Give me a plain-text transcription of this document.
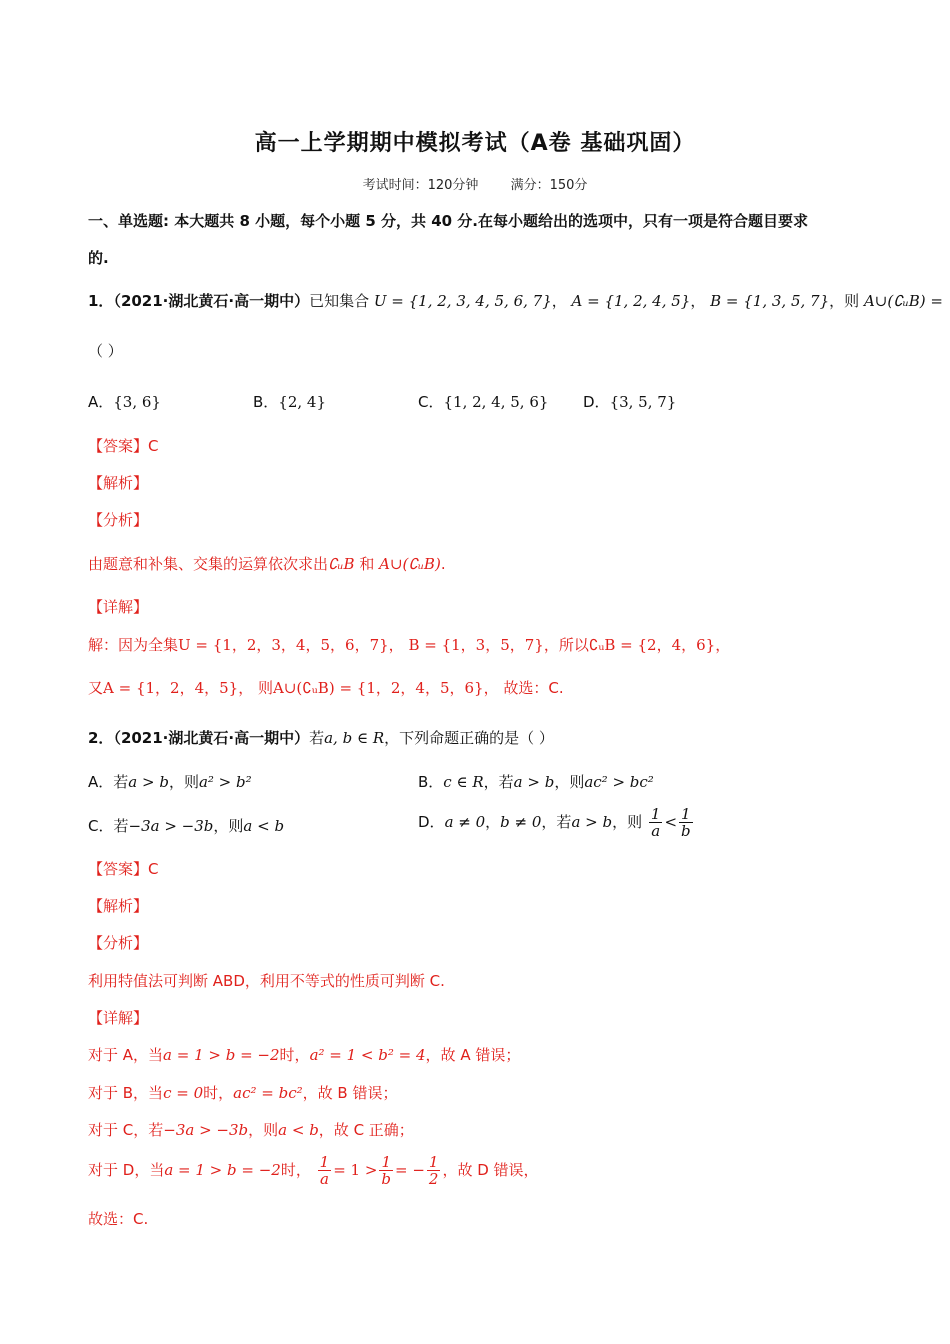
高一上学期期中模拟考试（A卷 基础巩固）
考试时间：120分钟 满分：150分
一、单选题: 本大题共 8 小题，每个小题 5 分，共 40 分.在每小题给出的选项中，只有一项是符合题目要求
的.
1．（2021·湖北黄石·高一期中）已知集合 U = {1, 2, 3, 4, 5, 6, 7}， A = {1, 2, 4, 5}， B = {1, 3, 5, 7}，则 A∪(∁ᵤB) =
（ ）
A．{3, 6}	B．{2, 4}	C．{1, 2, 4, 5, 6} D．{3, 5, 7}
【答案】C
【解析】
【分析】
由题意和补集、交集的运算依次求出∁ᵤB 和 A∪(∁ᵤB).
【详解】
解：因为全集U = {1，2，3，4，5，6，7}， B = {1，3，5，7}，所以∁ᵤB = {2，4，6}，
又A = {1，2，4，5}， 则A∪(∁ᵤB) = {1，2，4，5，6}， 故选：C.
2．（2021·湖北黄石·高一期中）若a, b ∈ R，下列命题正确的是（ ）
A．若a > b，则a² > b²	B．c ∈ R，若a > b，则ac² > bc²
C．若−3a > −3b，则a < b	D．a ≠ 0，b ≠ 0，若a > b，则 $\frac{1}{a} < \frac{1}{b}$
【答案】C
【解析】
【分析】
利用特值法可判断 ABD，利用不等式的性质可判断 C.
【详解】
对于 A，当a = 1 > b = −2时，a² = 1 < b² = 4，故 A 错误；
对于 B，当c = 0时，ac² = bc²，故 B 错误；
对于 C，若−3a > −3b，则a < b，故 C 正确；
对于 D，当a = 1 > b = −2时， $\frac{1}{a} = 1 > \frac{1}{b}$ = − $\frac{1}{2}$ ，故 D 错误，
故选：C.
